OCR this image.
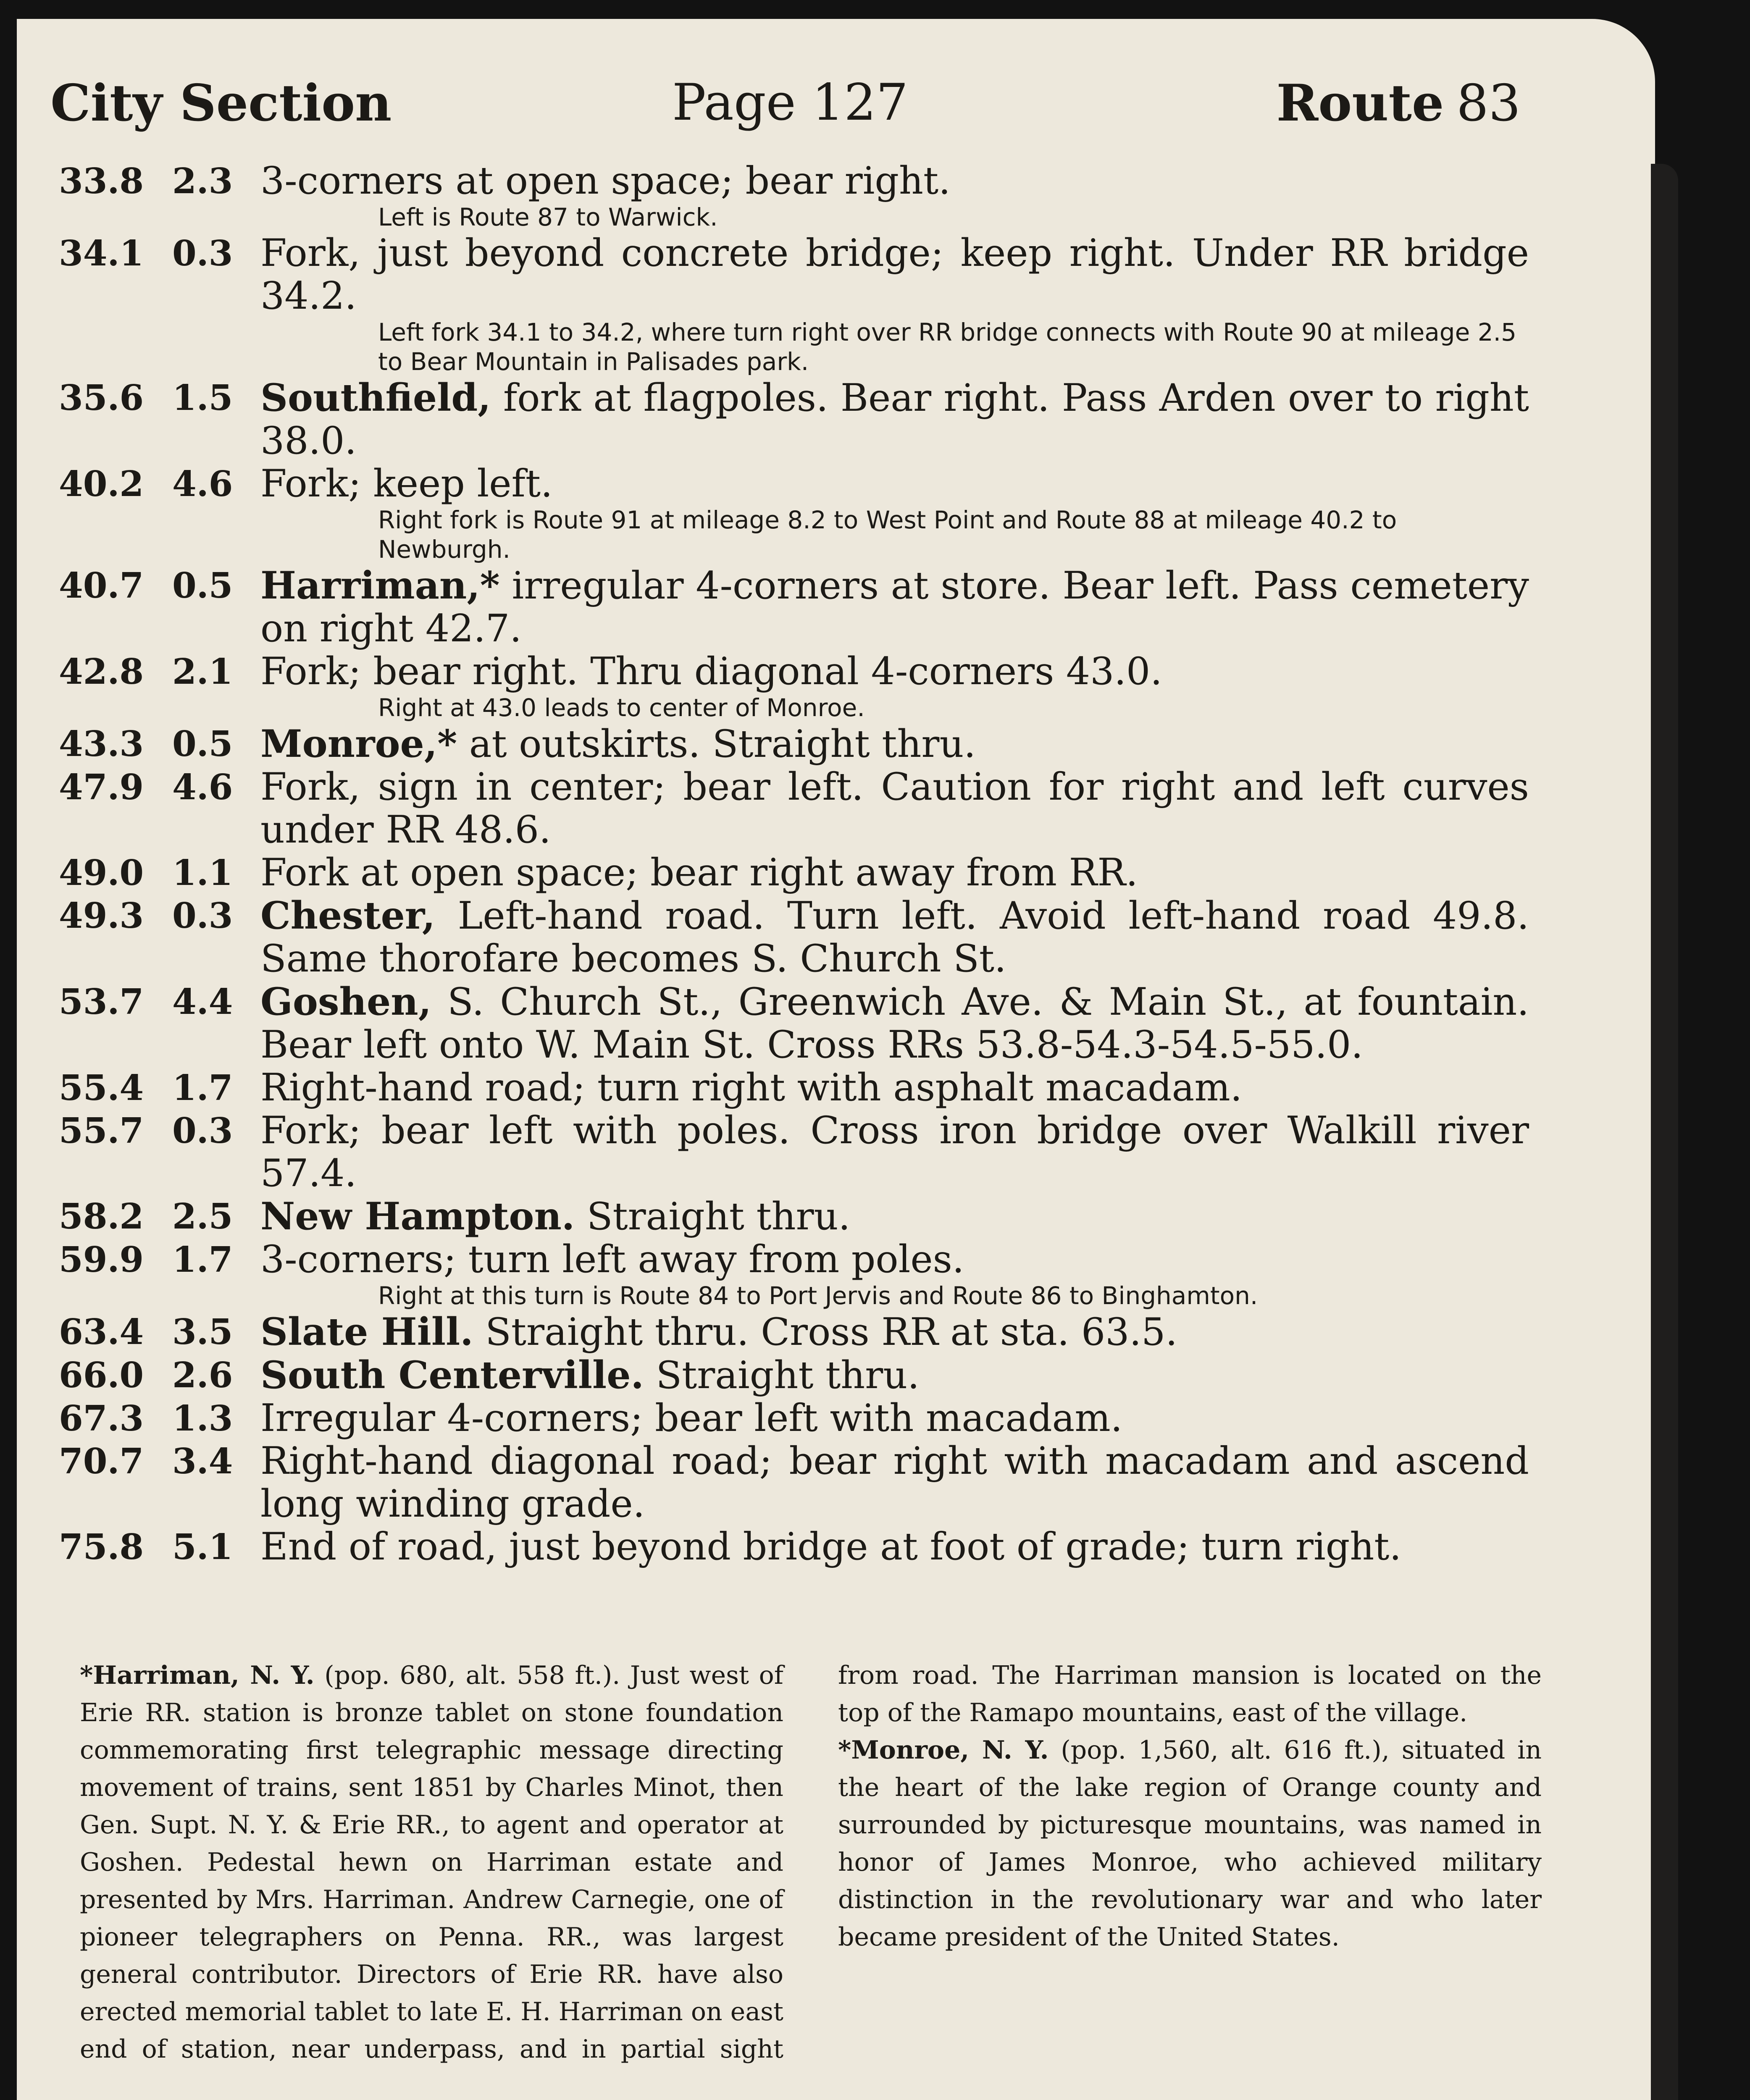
City Section	Page 127	Route 83
33.8 2.3 3-corners at open space; bear right.
Left is Route 87 to Warwick.
34.1 0.3 Fork, just beyond concrete bridge; keep right. Under RR bridge 34.2.
Left fork 34.1 to 34.2, where turn right over RR bridge connects with Route 90 at mileage 2.5 to Bear Mountain in Palisades park.
35.6 1.5 Southfield, fork at flagpoles. Bear right. Pass Arden over to right 38.0.
40.2 4.6 Fork; keep left.
Right fork is Route 91 at mileage 8.2 to West Point and Route 88 at mileage 40.2 to Newburgh.
40.7 0.5 Harriman,* irregular 4-corners at store. Bear left. Pass cemetery on right 42.7.
42.8 2.1 Fork; bear right. Thru diagonal 4-corners 43.0.
Right at 43.0 leads to center of Monroe.
43.3 0.5 Monroe,* at outskirts. Straight thru.
47.9 4.6 Fork, sign in center; bear left. Caution for right and left curves under RR 48.6.
49.0 1.1 Fork at open space; bear right away from RR.
49.3 0.3 Chester, Left-hand road. Turn left. Avoid left-hand road 49.8. Same thorofare becomes S. Church St.
53.7 4.4 Goshen, S. Church St., Greenwich Ave. & Main St., at fountain. Bear left onto W. Main St. Cross RRs 53.8-54.3-54.5-55.0.
55.4 1.7 Right-hand road; turn right with asphalt macadam.
55.7 0.3 Fork; bear left with poles. Cross iron bridge over Walkill river 57.4.
58.2 2.5 New Hampton. Straight thru.
59.9 1.7 3-corners; turn left away from poles.
Right at this turn is Route 84 to Port Jervis and Route 86 to Binghamton.
63.4 3.5 Slate Hill. Straight thru. Cross RR at sta. 63.5.
66.0 2.6 South Centerville. Straight thru.
67.3 1.3 Irregular 4-corners; bear left with macadam.
70.7 3.4 Right-hand diagonal road; bear right with macadam and ascend long winding grade.
75.8 5.1 End of road, just beyond bridge at foot of grade; turn right.

*Harriman, N. Y. (pop. 680, alt. 558 ft.). Just west of Erie RR. station is bronze tablet on stone foundation commemorating first telegraphic message directing movement of trains, sent 1851 by Charles Minot, then Gen. Supt. N. Y. & Erie RR., to agent and operator at Goshen. Pedestal hewn on Harriman estate and presented by Mrs. Harriman. Andrew Carnegie, one of pioneer telegraphers on Penna. RR., was largest general contributor. Directors of Erie RR. have also erected memorial tablet to late E. H. Harriman on east end of station, near underpass, and in partial sight from road. The Harriman mansion is located on the top of the Ramapo mountains, east of the village.

*Monroe, N. Y. (pop. 1,560, alt. 616 ft.), situated in the heart of the lake region of Orange county and surrounded by picturesque mountains, was named in honor of James Monroe, who achieved military distinction in the revolutionary war and who later became president of the United States.
